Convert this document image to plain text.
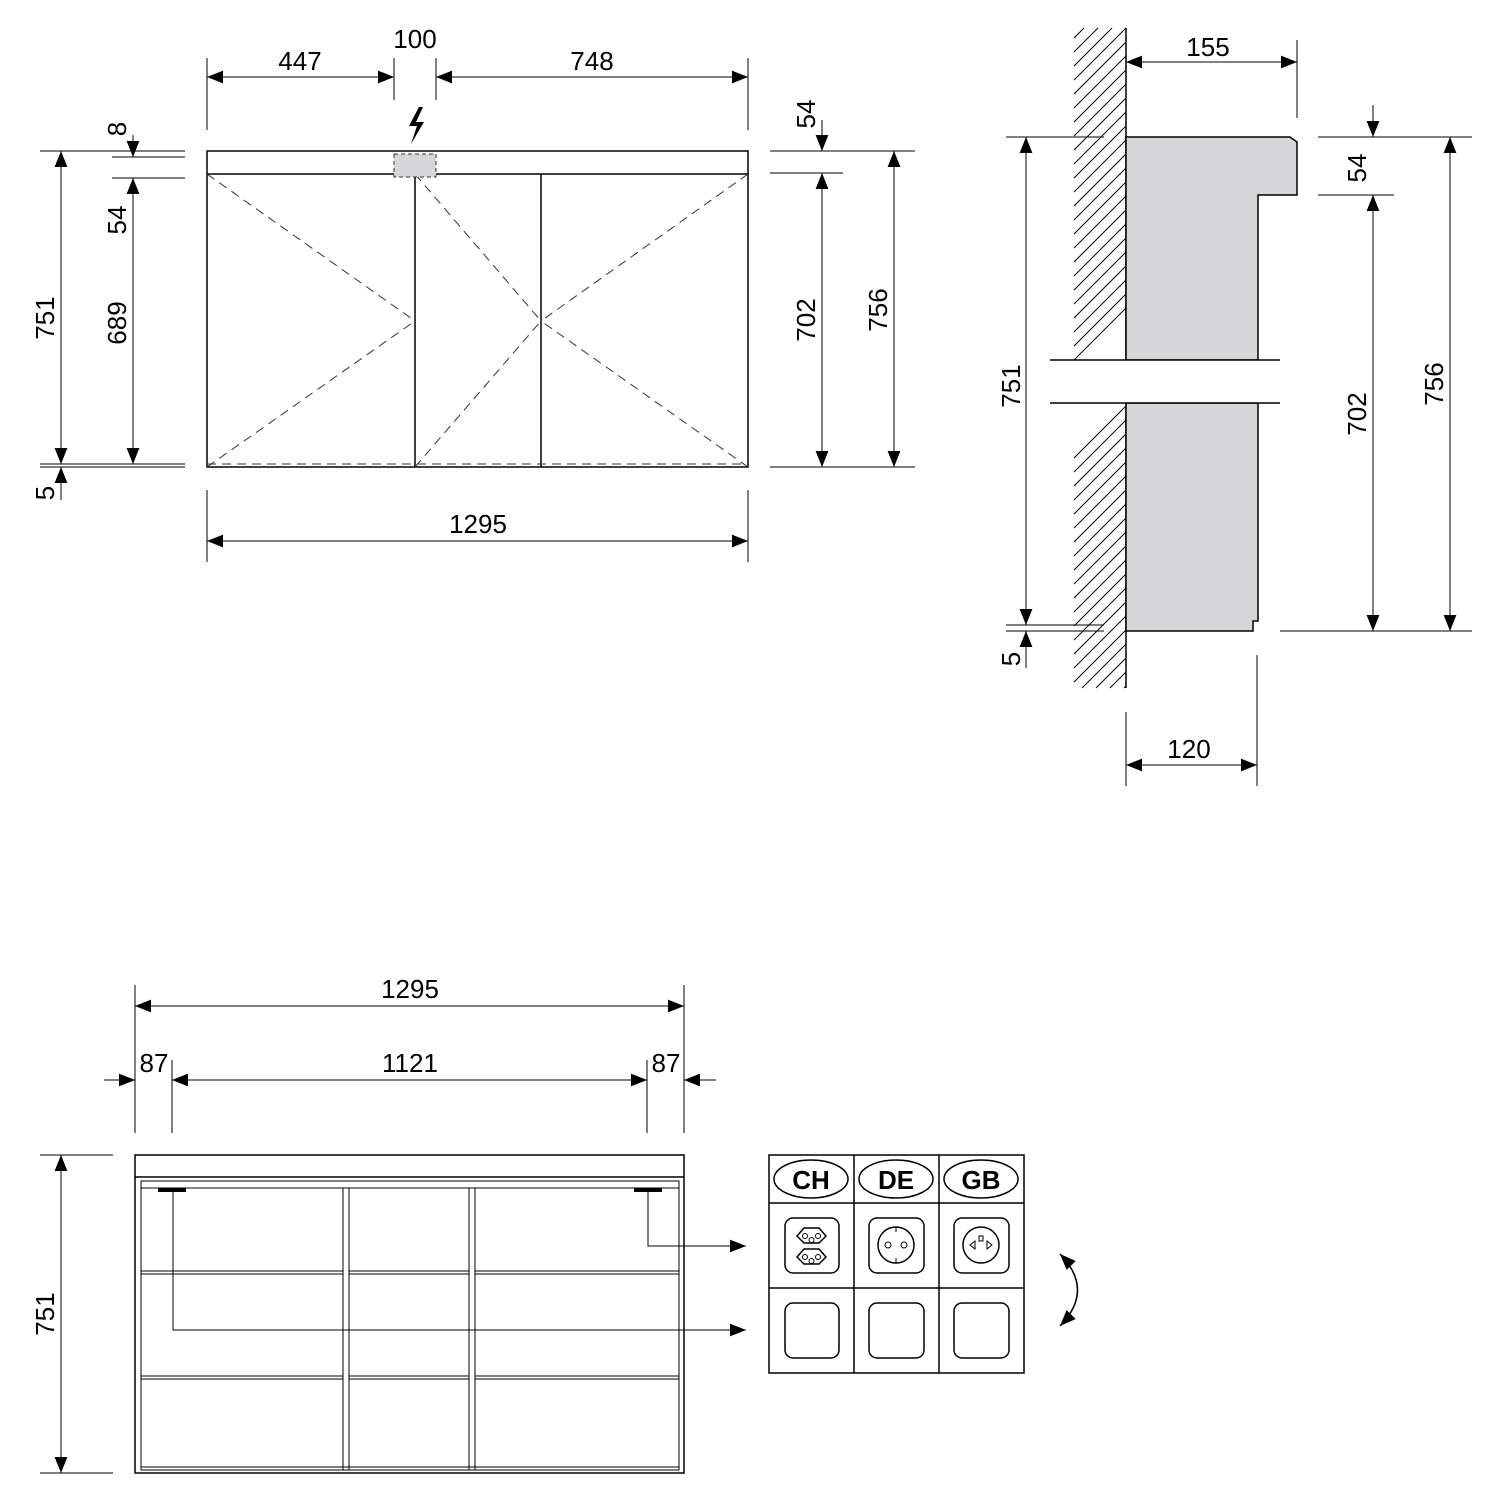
447
100
748
8
54
751 689
5
54
702 756
1295
155
120
751
5
54
702
756
1295
87	1121	87
751
CH DE GB
